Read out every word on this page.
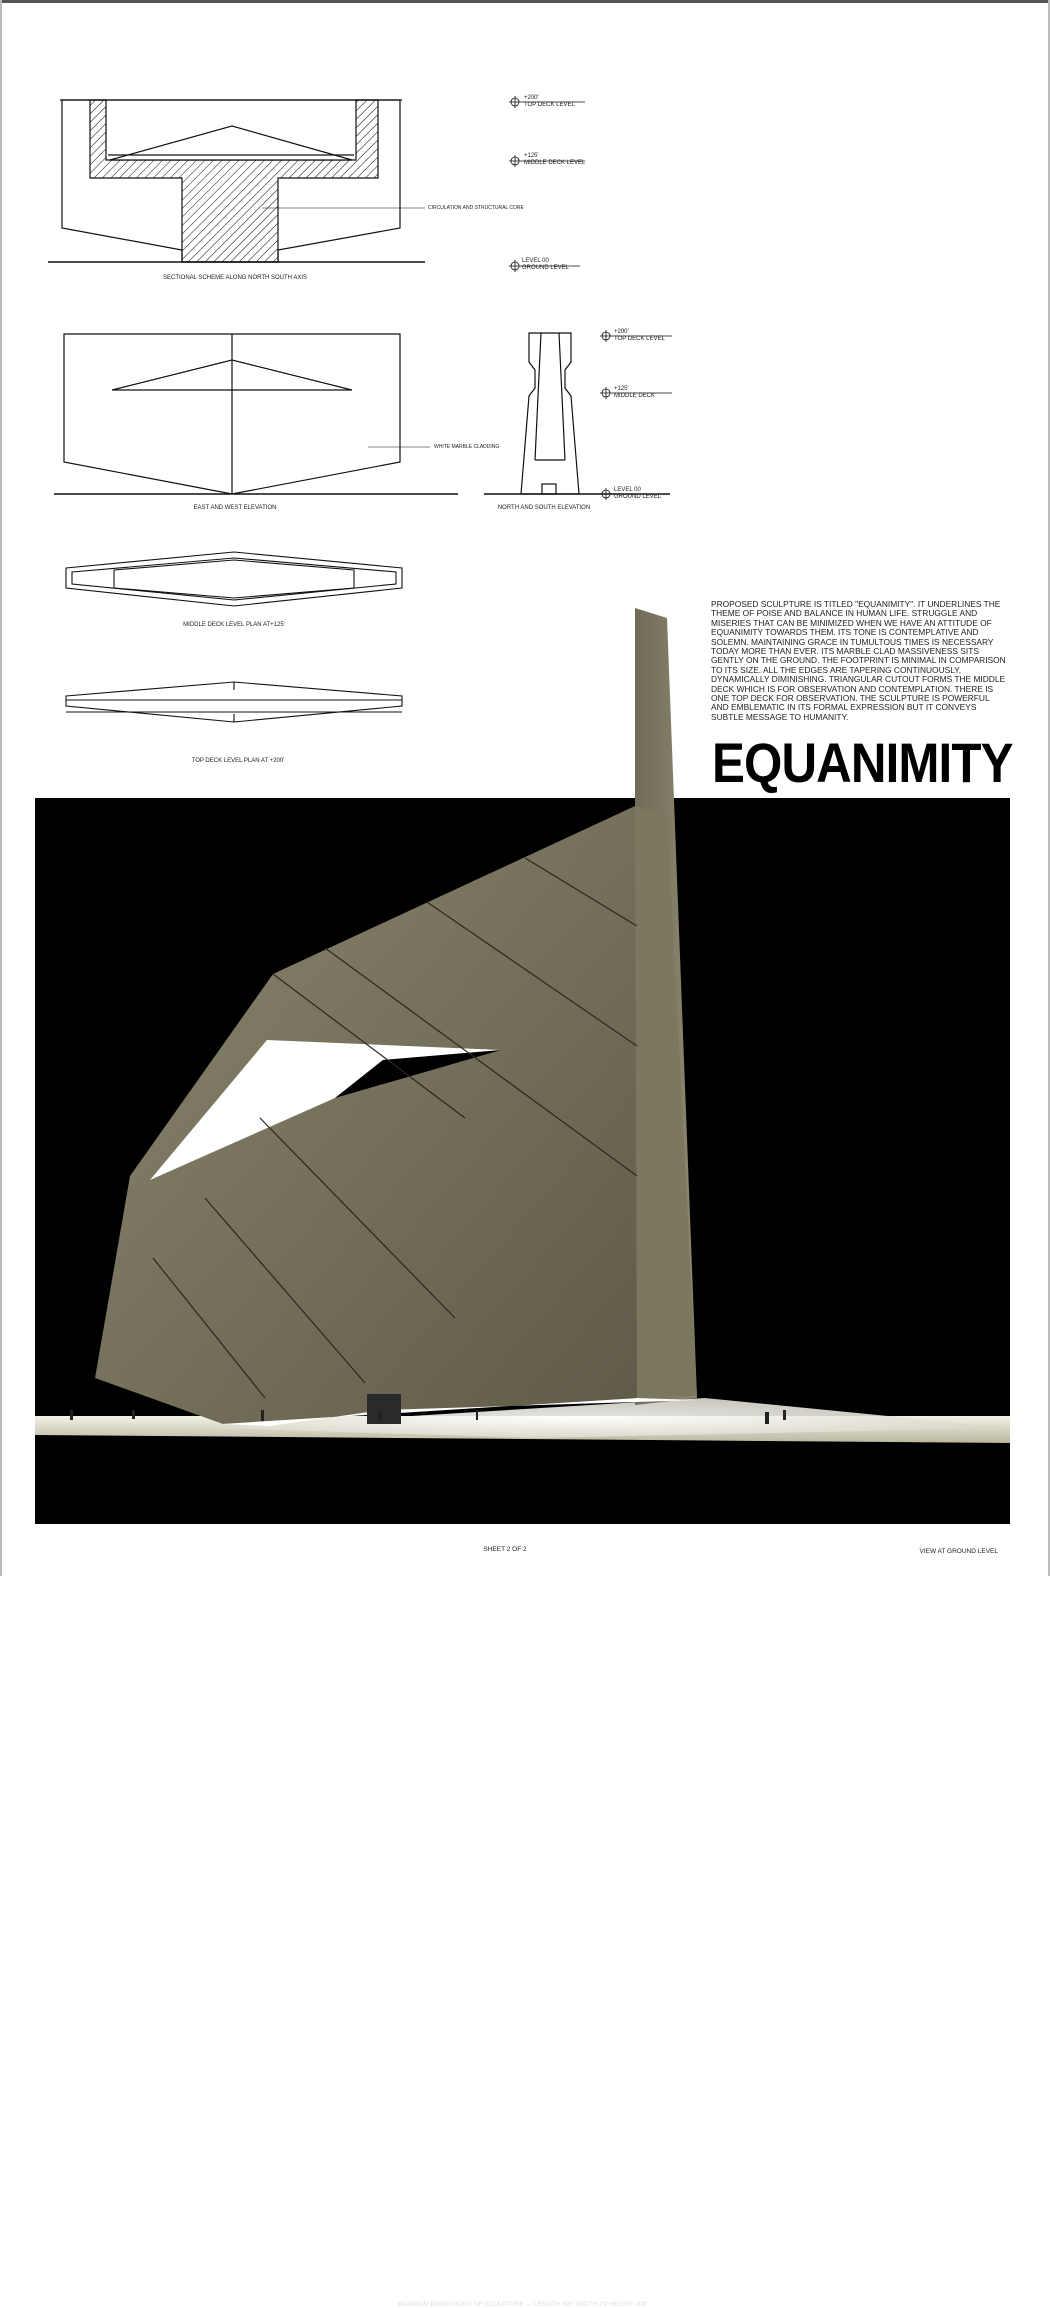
SECTIONAL SCHEME ALONG NORTH SOUTH AXIS
CIRCULATION AND STRUCTURAL CORE
+200'
TOP DECK LEVEL
+125'
MIDDLE DECK LEVEL
LEVEL 00
GROUND LEVEL
EAST AND WEST ELEVATION
WHITE MARBLE CLADDING
NORTH AND SOUTH ELEVATION
+200'
TOP DECK LEVEL
+125'
MIDDLE DECK
LEVEL 00
GROUND LEVEL
MIDDLE DECK LEVEL PLAN AT+125'
TOP DECK LEVEL PLAN AT +200'
PROPOSED SCULPTURE IS TITLED "EQUANIMITY". IT UNDERLINES THE THEME OF POISE AND BALANCE IN HUMAN LIFE. STRUGGLE AND MISERIES THAT CAN BE MINIMIZED WHEN WE HAVE AN ATTITUDE OF EQUANIMITY TOWARDS THEM. ITS TONE IS CONTEMPLATIVE AND SOLEMN. MAINTAINING GRACE IN TUMULTOUS TIMES IS NECESSARY TODAY MORE THAN EVER. ITS MARBLE CLAD MASSIVENESS SITS GENTLY ON THE GROUND. THE FOOTPRINT IS MINIMAL IN COMPARISON TO ITS SIZE. ALL THE EDGES ARE TAPERING CONTINUOUSLY, DYNAMICALLY DIMINISHING. TRIANGULAR CUTOUT FORMS THE MIDDLE DECK WHICH IS FOR OBSERVATION AND CONTEMPLATION. THERE IS ONE TOP DECK FOR OBSERVATION. THE SCULPTURE IS POWERFUL AND EMBLEMATIC IN ITS FORMAL EXPRESSION BUT IT CONVEYS SUBTLE MESSAGE TO HUMANITY.
EQUANIMITY
MAXIMUM DIMENSIONS OF SCULPTURE --- LENGTH 420' WIDTH 70' HEIGHT 200'
SHEET 2 OF 2	VIEW AT GROUND LEVEL
